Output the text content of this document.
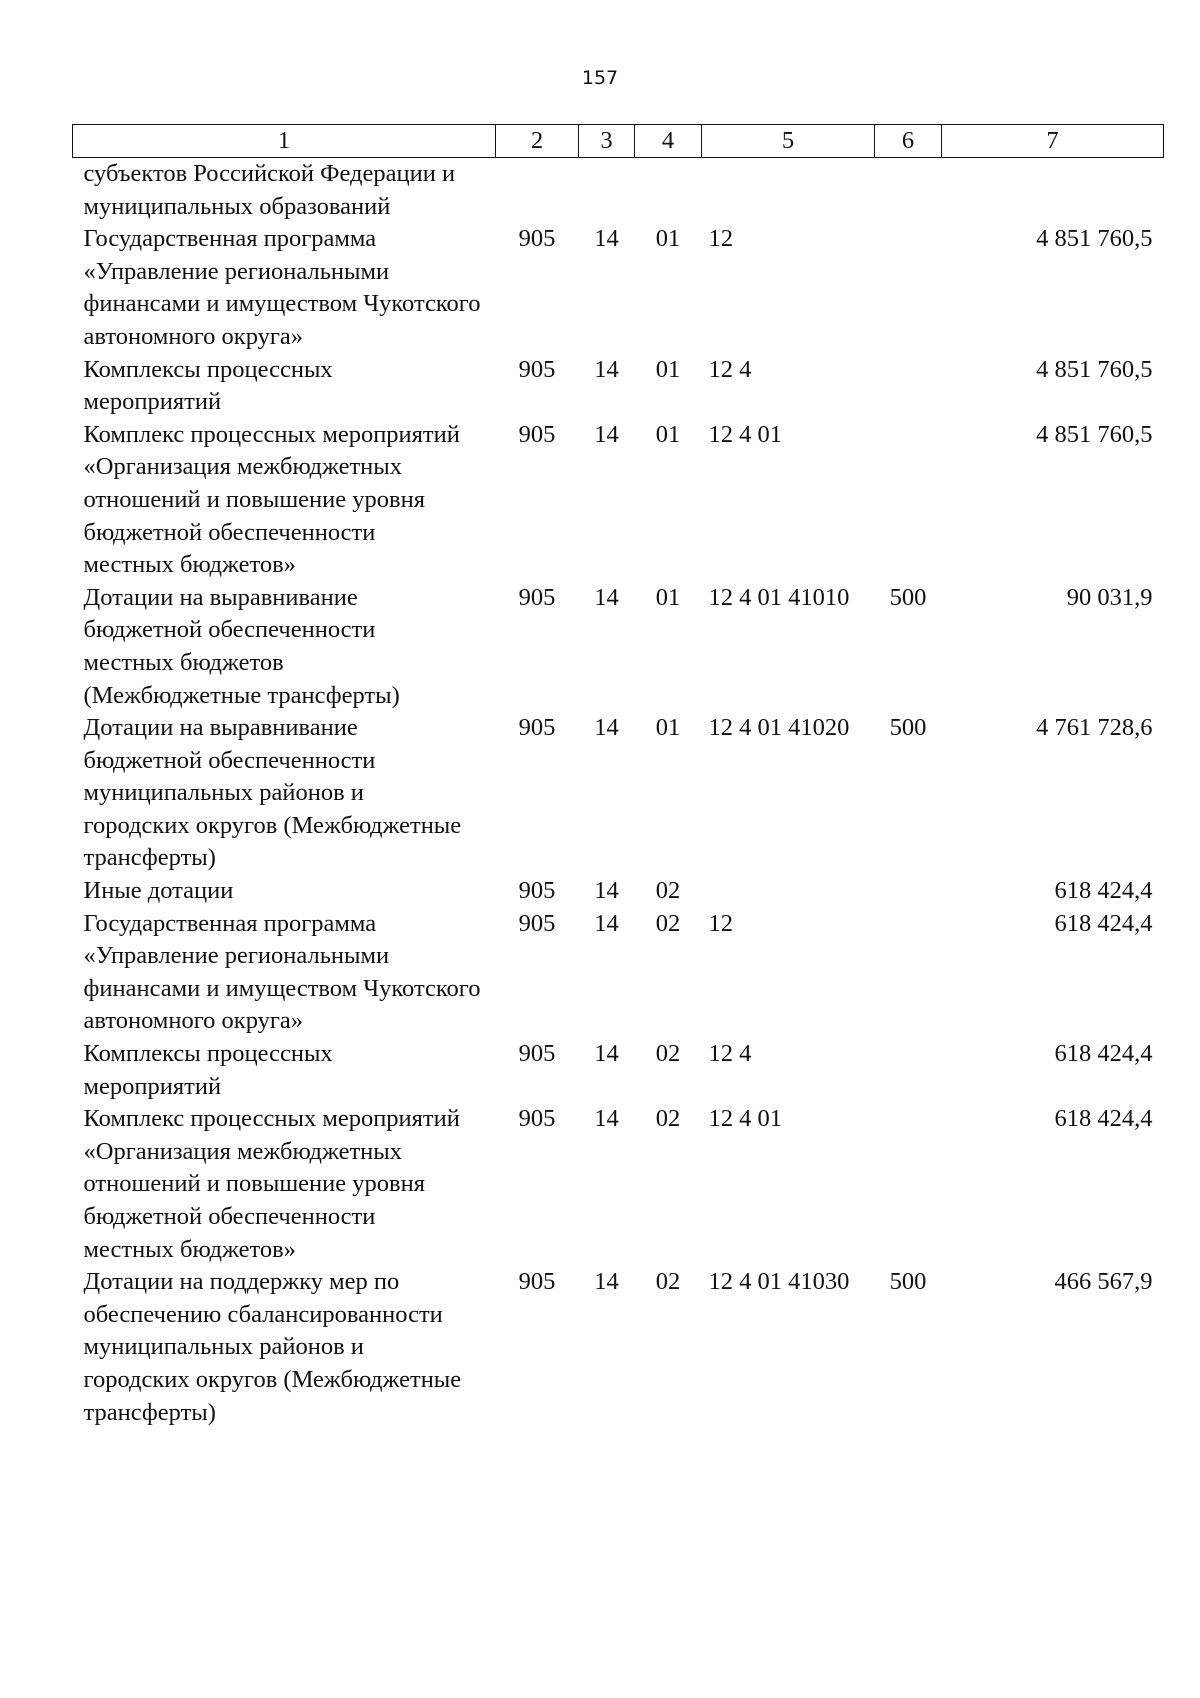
157
1	2	3	4	5	6	7

субъектов Российской Федерации и муниципальных образований						

Государственная программа «Управление региональными финансами и имуществом Чукотского автономного округа»	905	14	01	12		4 851 760,5

Комплексы процессных мероприятий	905	14	01	12 4		4 851 760,5

Комплекс процессных мероприятий «Организация межбюджетных отношений и повышение уровня бюджетной обеспеченности местных бюджетов»	905	14	01	12 4 01		4 851 760,5

Дотации на выравнивание бюджетной обеспеченности местных бюджетов (Межбюджетные трансферты)	905	14	01	12 4 01 41010	500	90 031,9

Дотации на выравнивание бюджетной обеспеченности муниципальных районов и городских округов (Межбюджетные трансферты)	905	14	01	12 4 01 41020	500	4 761 728,6

Иные дотации	905	14	02			618 424,4

Государственная программа «Управление региональными финансами и имуществом Чукотского автономного округа»	905	14	02	12		618 424,4

Комплексы процессных мероприятий	905	14	02	12 4		618 424,4

Комплекс процессных мероприятий «Организация межбюджетных отношений и повышение уровня бюджетной обеспеченности местных бюджетов»	905	14	02	12 4 01		618 424,4

Дотации на поддержку мер по обеспечению сбалансированности муниципальных районов и городских округов (Межбюджетные трансферты)	905	14	02	12 4 01 41030	500	466 567,9
